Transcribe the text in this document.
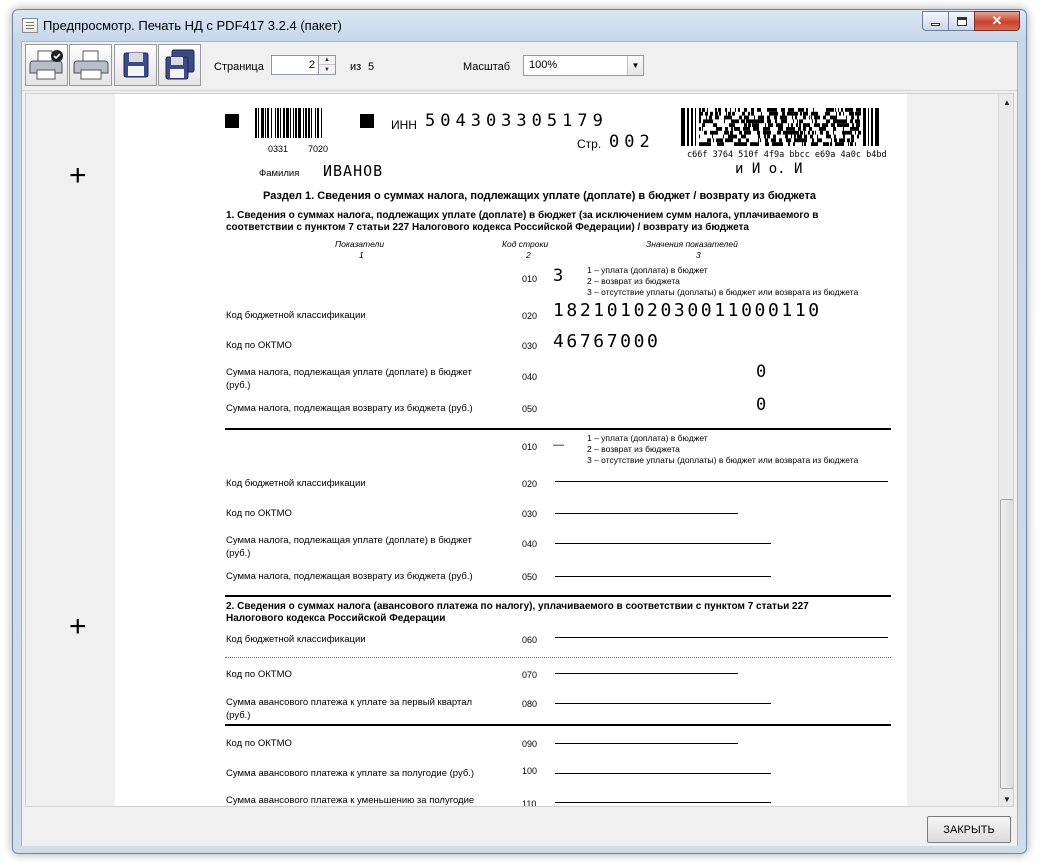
Предпросмотр. Печать НД с PDF417 3.2.4 (пакет)	✕
Страница
2
▲
▼	из 5	Масштаб 100%	▼
0331 7020
ИНН 504303305179
Стр. 002
c66f 3764 510f 4f9a bbcc e69a 4a0c b4bd
и И о. И
Фамилия ИВАНОВ
+
Раздел 1. Сведения о суммах налога, подлежащих уплате (доплате) в бюджет / возврату из бюджета
1. Сведения о суммах налога, подлежащих уплате (доплате) в бюджет (за исключением сумм налога, уплачиваемого в
соответствии с пунктом 7 статьи 227 Налогового кодекса Российской Федерации) / возврату из бюджета
Показатели
1
Код строки
2
Значения показателей
3
010 3	1 – уплата (доплата) в бюджет
2 – возврат из бюджета
3 – отсутствие уплаты (доплаты) в бюджет или возврата из бюджета
Код бюджетной классификации	020 18210102030011000110
Код по ОКТМО	030 46767000
Сумма налога, подлежащая уплате (доплате) в бюджет
(руб.)
040	0
Сумма налога, подлежащая возврату из бюджета (руб.)	050	0
010 —
1 – уплата (доплата) в бюджет
2 – возврат из бюджета
3 – отсутствие уплаты (доплаты) в бюджет или возврата из бюджета
Код бюджетной классификации	020
Код по ОКТМО	030
Сумма налога, подлежащая уплате (доплате) в бюджет
(руб.)
040
Сумма налога, подлежащая возврату из бюджета (руб.)	050
+
2. Сведения о суммах налога (авансового платежа по налогу), уплачиваемого в соответствии с пунктом 7 статьи 227
Налогового кодекса Российской Федерации
Код бюджетной классификации	060
Код по ОКТМО	070
Сумма авансового платежа к уплате за первый квартал
(руб.)
080
Код по ОКТМО	090
Сумма авансового платежа к уплате за полугодие (руб.)	100
Сумма авансового платежа к уменьшению за полугодие	110
▲
▼
ЗАКРЫТЬ
